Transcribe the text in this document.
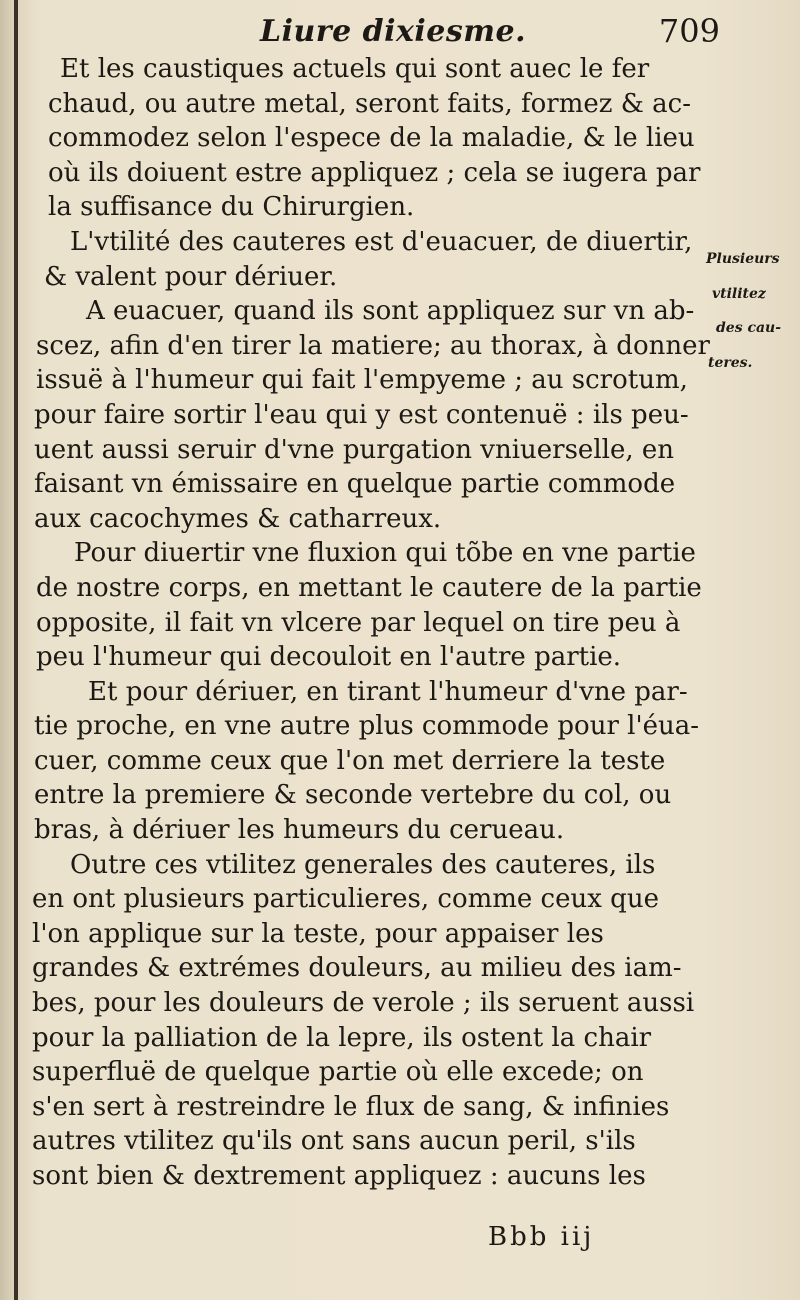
Liure dixiesme.	709
Et les caustiques actuels qui sont auec le fer
chaud, ou autre metal, seront faits, formez & ac-
commodez selon l'espece de la maladie, & le lieu
où ils doiuent estre appliquez ; cela se iugera par
la suffisance du Chirurgien.
L'vtilité des cauteres est d'euacuer, de diuertir,
& valent pour dériuer.
A euacuer, quand ils sont appliquez sur vn ab-
scez, afin d'en tirer la matiere; au thorax, à donner
issuë à l'humeur qui fait l'empyeme ; au scrotum,
pour faire sortir l'eau qui y est contenuë : ils peu-
uent aussi seruir d'vne purgation vniuerselle, en
faisant vn émissaire en quelque partie commode
aux cacochymes & catharreux.
Pour diuertir vne fluxion qui tõbe en vne partie
de nostre corps, en mettant le cautere de la partie
opposite, il fait vn vlcere par lequel on tire peu à
peu l'humeur qui decouloit en l'autre partie.
Et pour dériuer, en tirant l'humeur d'vne par-
tie proche, en vne autre plus commode pour l'éua-
cuer, comme ceux que l'on met derriere la teste
entre la premiere & seconde vertebre du col, ou
bras, à dériuer les humeurs du cerueau.
Outre ces vtilitez generales des cauteres, ils
en ont plusieurs particulieres, comme ceux que
l'on applique sur la teste, pour appaiser les
grandes & extrémes douleurs, au milieu des iam-
bes, pour les douleurs de verole ; ils seruent aussi
pour la palliation de la lepre, ils ostent la chair
superfluë de quelque partie où elle excede; on
s'en sert à restreindre le flux de sang, & infinies
autres vtilitez qu'ils ont sans aucun peril, s'ils
sont bien & dextrement appliquez : aucuns les
Plusieurs
vtilitez
des cau-
teres.
Bbb iij
